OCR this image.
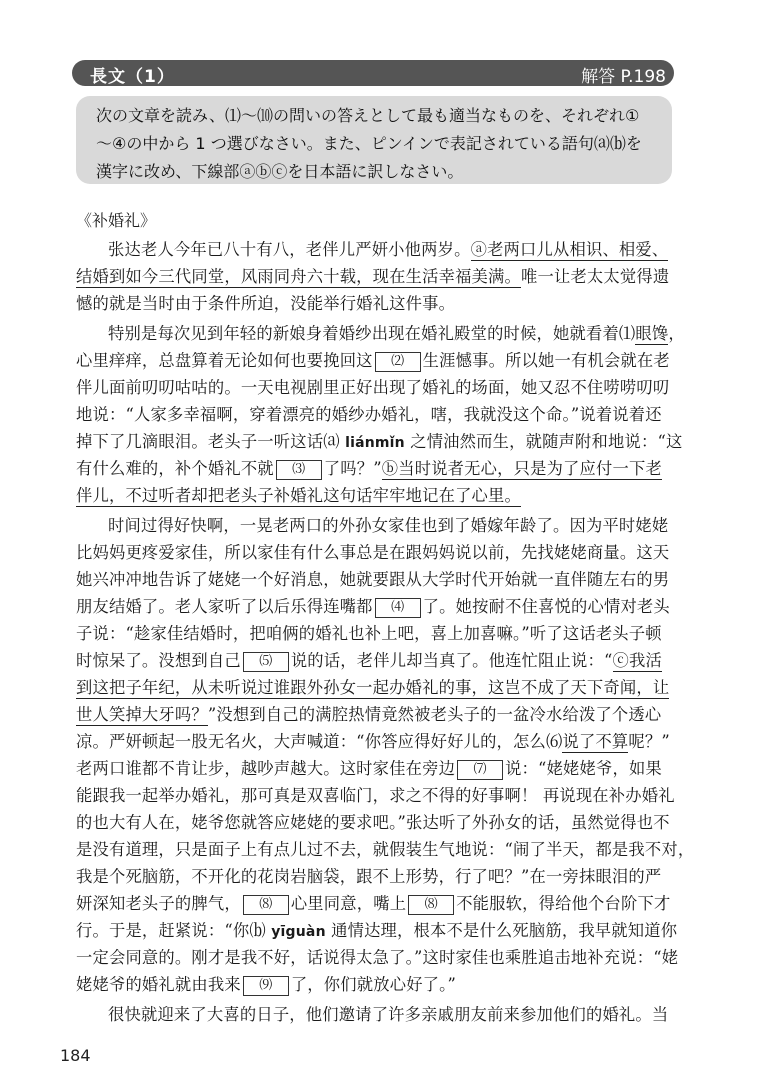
長文（1）	解答 P.198
次の文章を読み、⑴〜⑽の問いの答えとして最も適当なものを、それぞれ①
〜④の中から 1 つ選びなさい。また、ピンインで表記されている語句⒜⒝を
漢字に改め、下線部ⓐⓑⓒを日本語に訳しなさい。
《补婚礼》
张达老人今年已八十有八，老伴儿严妍小他两岁。ⓐ老两口儿从相识、相爱、
结婚到如今三代同堂，风雨同舟六十载，现在生活幸福美满。唯一让老太太觉得遗
憾的就是当时由于条件所迫，没能举行婚礼这件事。
特别是每次见到年轻的新娘身着婚纱出现在婚礼殿堂的时候，她就看着⑴眼馋，
心里痒痒，总盘算着无论如何也要挽回这 ⑵ 生涯憾事。所以她一有机会就在老
伴儿面前叨叨咕咕的。一天电视剧里正好出现了婚礼的场面，她又忍不住唠唠叨叨
地说：“人家多幸福啊，穿着漂亮的婚纱办婚礼，嗐，我就没这个命。”说着说着还
掉下了几滴眼泪。老头子一听这话⒜ liánmǐn 之情油然而生，就随声附和地说：“这
有什么难的，补个婚礼不就 ⑶ 了吗？”ⓑ当时说者无心，只是为了应付一下老
伴儿，不过听者却把老头子补婚礼这句话牢牢地记在了心里。
时间过得好快啊，一晃老两口的外孙女家佳也到了婚嫁年龄了。因为平时姥姥
比妈妈更疼爱家佳，所以家佳有什么事总是在跟妈妈说以前，先找姥姥商量。这天
她兴冲冲地告诉了姥姥一个好消息，她就要跟从大学时代开始就一直伴随左右的男
朋友结婚了。老人家听了以后乐得连嘴都 ⑷ 了。她按耐不住喜悦的心情对老头
子说：“趁家佳结婚时，把咱俩的婚礼也补上吧，喜上加喜嘛。”听了这话老头子顿
时惊呆了。没想到自己 ⑸ 说的话，老伴儿却当真了。他连忙阻止说：“ⓒ我活
到这把子年纪，从未听说过谁跟外孙女一起办婚礼的事，这岂不成了天下奇闻，让
世人笑掉大牙吗？”没想到自己的满腔热情竟然被老头子的一盆冷水给泼了个透心
凉。严妍顿起一股无名火，大声喊道：“你答应得好好儿的，怎么⑹说了不算呢？”
老两口谁都不肯让步，越吵声越大。这时家佳在旁边 ⑺ 说：“姥姥姥爷，如果
能跟我一起举办婚礼，那可真是双喜临门，求之不得的好事啊！ 再说现在补办婚礼
的也大有人在，姥爷您就答应姥姥的要求吧。”张达听了外孙女的话，虽然觉得也不
是没有道理，只是面子上有点儿过不去，就假装生气地说：“闹了半天，都是我不对，
我是个死脑筋，不开化的花岗岩脑袋，跟不上形势，行了吧？”在一旁抹眼泪的严
妍深知老头子的脾气， ⑻ 心里同意，嘴上 ⑻ 不能服软，得给他个台阶下才
行。于是，赶紧说：“你⒝ yīguàn 通情达理，根本不是什么死脑筋，我早就知道你
一定会同意的。刚才是我不好，话说得太急了。”这时家佳也乘胜追击地补充说：“姥
姥姥爷的婚礼就由我来 ⑼ 了，你们就放心好了。”
很快就迎来了大喜的日子，他们邀请了许多亲戚朋友前来参加他们的婚礼。当
184
